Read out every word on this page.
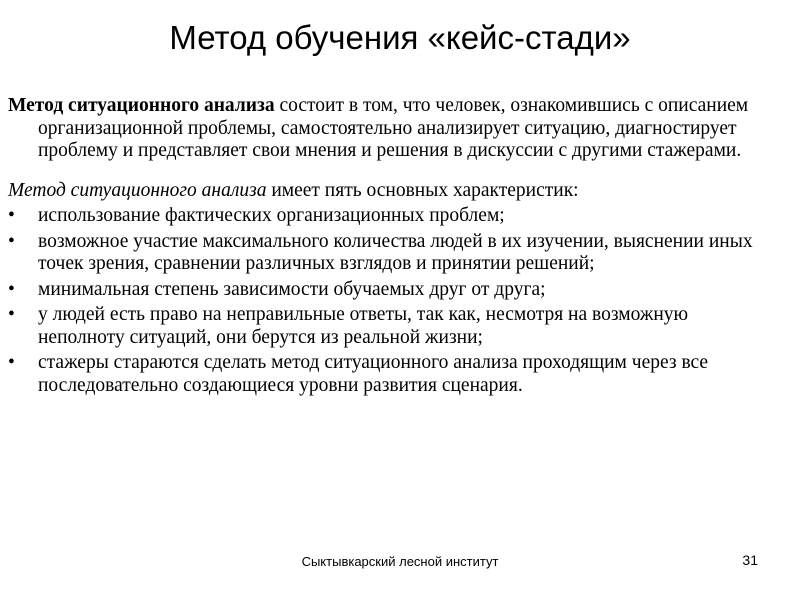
Метод обучения «кейс-стади»

Метод ситуационного анализа состоит в том, что человек, ознакомившись с описанием организационной проблемы, самостоятельно анализирует ситуацию, диагностирует проблему и представляет свои мнения и решения в дискуссии с другими стажерами.

Метод ситуационного анализа имеет пять основных характеристик:

• использование фактических организационных проблем;
• возможное участие максимального количества людей в их изучении, выяснении иных точек зрения, сравнении различных взглядов и принятии решений;
• минимальная степень зависимости обучаемых друг от друга;
• у людей есть право на неправильные ответы, так как, несмотря на возможную неполноту ситуаций, они берутся из реальной жизни;
• стажеры стараются сделать метод ситуационного анализа проходящим через все последовательно создающиеся уровни развития сценария.
Сыктывкарский лесной институт	31
